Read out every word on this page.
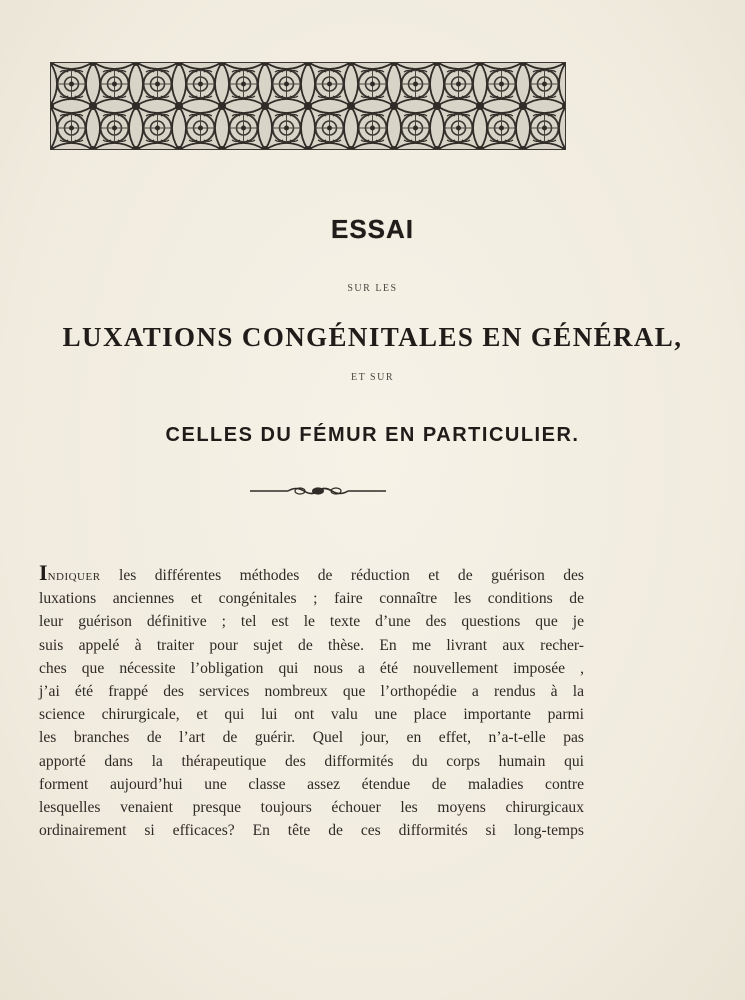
ESSAI
SUR LES
LUXATIONS CONGÉNITALES EN GÉNÉRAL,
ET SUR
CELLES DU FÉMUR EN PARTICULIER.
INDIQUER les différentes méthodes de réduction et de guérison des
luxations anciennes et congénitales ; faire connaître les conditions de
leur guérison définitive ; tel est le texte d’une des questions que je
suis appelé à traiter pour sujet de thèse. En me livrant aux recher-
ches que nécessite l’obligation qui nous a été nouvellement imposée ,
j’ai été frappé des services nombreux que l’orthopédie a rendus à la
science chirurgicale, et qui lui ont valu une place importante parmi
les branches de l’art de guérir. Quel jour, en effet, n’a-t-elle pas
apporté dans la thérapeutique des difformités du corps humain qui
forment aujourd’hui une classe assez étendue de maladies contre
lesquelles venaient presque toujours échouer les moyens chirurgicaux
ordinairement si efficaces? En tête de ces difformités si long-temps
